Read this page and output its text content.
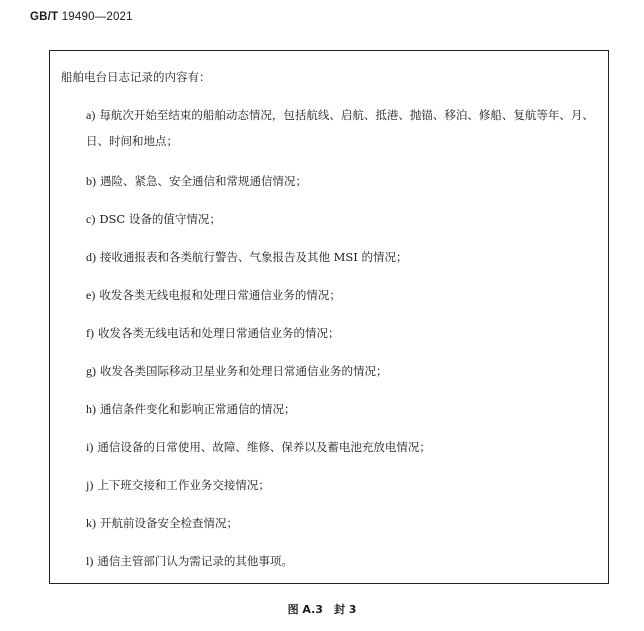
GB/T 19490—2021
船舶电台日志记录的内容有：
a) 每航次开始至结束的船舶动态情况，包括航线、启航、抵港、抛锚、移泊、修船、复航等年、月、日、时间和地点；
b) 遇险、紧急、安全通信和常规通信情况；
c) DSC 设备的值守情况；
d) 接收通报表和各类航行警告、气象报告及其他 MSI 的情况；
e) 收发各类无线电报和处理日常通信业务的情况；
f) 收发各类无线电话和处理日常通信业务的情况；
g) 收发各类国际移动卫星业务和处理日常通信业务的情况；
h) 通信条件变化和影响正常通信的情况；
i) 通信设备的日常使用、故障、维修、保养以及蓄电池充放电情况；
j) 上下班交接和工作业务交接情况；
k) 开航前设备安全检查情况；
l) 通信主管部门认为需记录的其他事项。
图 A.3　封 3
